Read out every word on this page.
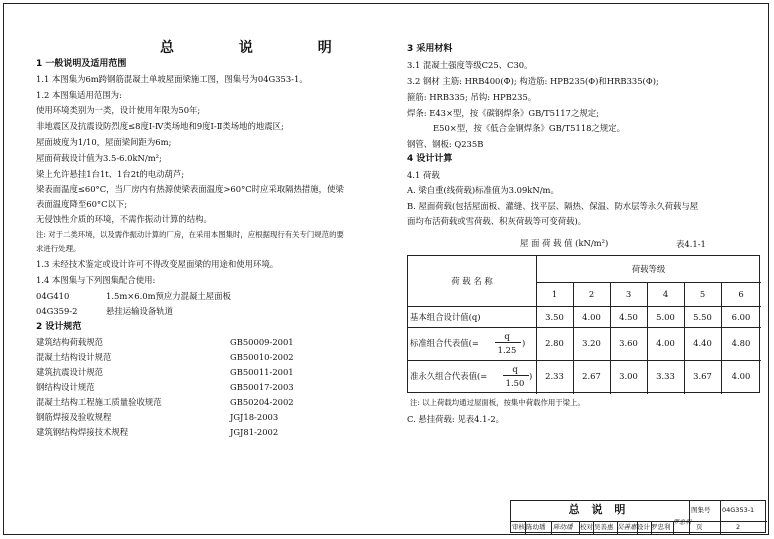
总 说 明
1 一般说明及适用范围
1.1 本图集为6m跨钢筋混凝土单坡屋面梁施工图，图集号为04G353-1。
1.2 本图集适用范围为:
使用环境类别为一类，设计使用年限为50年;
非地震区及抗震设防烈度≤8度Ⅰ-Ⅳ类场地和9度Ⅰ-Ⅱ类场地的地震区;
屋面坡度为1/10，屋面梁间距为6m;
屋面荷载设计值为3.5-6.0kN/m²;
梁上允许悬挂1台1t、1台2t的电动葫芦;
梁表面温度≤60°C，当厂房内有热源使梁表面温度>60°C时应采取隔热措施，使梁
表面温度降至60°C以下;
无侵蚀性介质的环境，不需作振动计算的结构。
注: 对于二类环境，以及需作振动计算的厂房，在采用本图集时，应根据现行有关专门规范的要
求进行处理。
1.3 未经技术鉴定或设计许可不得改变屋面梁的用途和使用环境。
1.4 本图集与下列图集配合使用:
04G410	1.5m×6.0m预应力混凝土屋面板
04G359-2	悬挂运输设备轨道
2 设计规范
建筑结构荷载规范	GB50009-2001
混凝土结构设计规范	GB50010-2002
建筑抗震设计规范	GB50011-2001
钢结构设计规范	GB50017-2003
混凝土结构工程施工质量验收规范	GB50204-2002
钢筋焊接及验收规程	JGJ18-2003
建筑钢结构焊接技术规程	JGJ81-2002
3 采用材料
3.1 混凝土强度等级C25、C30。
3.2 钢材 主筋: HRB400(Ф); 构造筋: HPB235(Φ)和HRB335(Φ);
箍筋: HRB335; 吊钩: HPB235。
焊条: E43×型，按《碳钢焊条》GB/T5117之规定;
E50×型，按《低合金钢焊条》GB/T5118之规定。
钢管、钢板: Q235B
4 设计计算
4.1 荷载
A. 梁自重(线荷载)标准值为3.09kN/m。
B. 屋面荷载(包括屋面板、灌缝、找平层、隔热、保温、防水层等永久荷载与屋
面均布活荷载或雪荷载、积灰荷载等可变荷载)。
屋 面 荷 载 值 (kN/m²)	表4.1-1
荷 载 名 称
荷载等级
1	2	3	4	5	6
基本组合设计值(q)	3.50	4.00	4.50	5.00	5.50	6.00
标准组合代表值(=
q
1.25
)	2.80	3.20	3.60	4.00	4.40	4.80
准永久组合代表值(=
q
1.50
)	2.33	2.67	3.00	3.33	3.67	4.00
注: 以上荷载均通过屋面板，按集中荷载作用于梁上。
C. 悬挂荷载: 见表4.1-2。
总 说 明	图集号 04G353-1
页	2
审核 陈幼璠 陈幼璠 校对 吴善惠 吴善惠 设计 罗忠利
罗忠利
